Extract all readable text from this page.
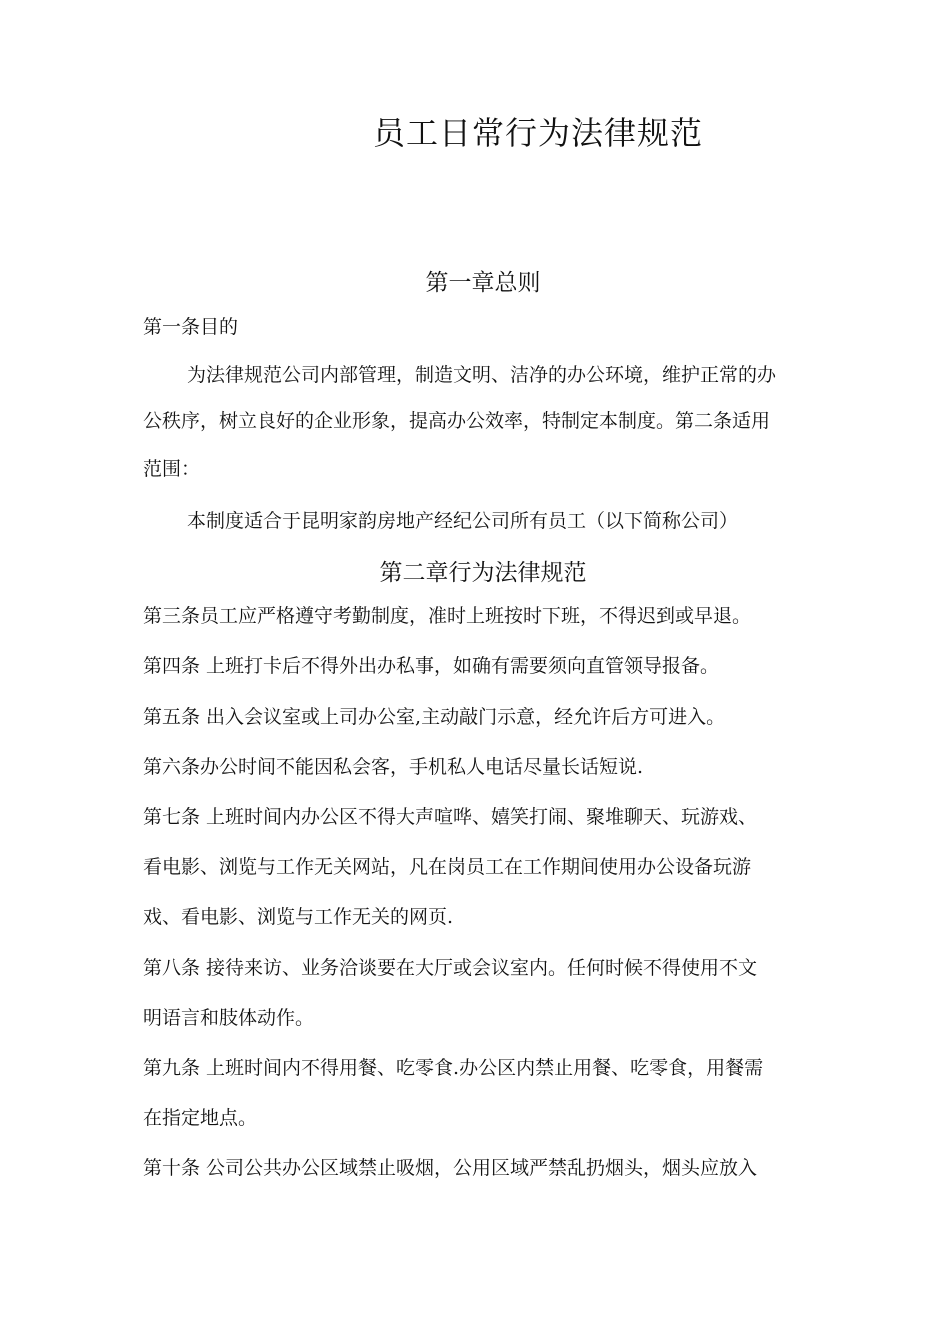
员工日常行为法律规范
第一章总则

第一条目的

为法律规范公司内部管理，制造文明、洁净的办公环境，维护正常的办

公秩序，树立良好的企业形象，提高办公效率，特制定本制度。第二条适用

范围：

本制度适合于昆明家韵房地产经纪公司所有员工（以下简称公司）

第二章行为法律规范

第三条员工应严格遵守考勤制度，准时上班按时下班，不得迟到或早退。

第四条 上班打卡后不得外出办私事，如确有需要须向直管领导报备。

第五条 出入会议室或上司办公室,主动敲门示意，经允许后方可进入。

第六条办公时间不能因私会客，手机私人电话尽量长话短说.

第七条 上班时间内办公区不得大声喧哗、嬉笑打闹、聚堆聊天、玩游戏、

看电影、浏览与工作无关网站，凡在岗员工在工作期间使用办公设备玩游

戏、看电影、浏览与工作无关的网页.

第八条 接待来访、业务洽谈要在大厅或会议室内。任何时候不得使用不文

明语言和肢体动作。

第九条 上班时间内不得用餐、吃零食.办公区内禁止用餐、吃零食，用餐需

在指定地点。

第十条 公司公共办公区域禁止吸烟，公用区域严禁乱扔烟头，烟头应放入
